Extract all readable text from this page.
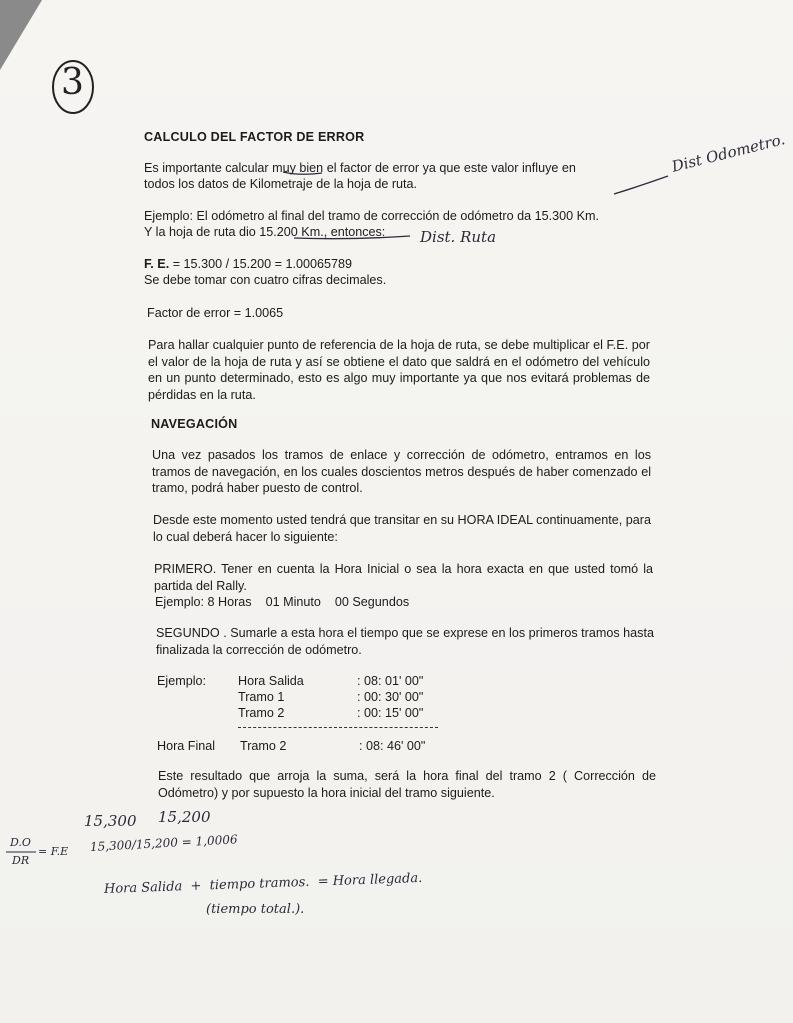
3
CALCULO DEL FACTOR DE ERROR
Es importante calcular muy bien el factor de error ya que este valor influye en
todos los datos de Kilometraje de la hoja de ruta.
Ejemplo: El odómetro al final del tramo de corrección de odómetro da 15.300 Km.
Y la hoja de ruta dio 15.200 Km., entonces:
F. E. = 15.300 / 15.200 = 1.00065789
Se debe tomar con cuatro cifras decimales.
Factor de error = 1.0065
Para hallar cualquier punto de referencia de la hoja de ruta, se debe multiplicar el F.E. por el valor de la hoja de ruta y así se obtiene el dato que saldrá en el odómetro del vehículo en un punto determinado, esto es algo muy importante ya que nos evitará problemas de pérdidas en la ruta.
NAVEGACIÓN
Una vez pasados los tramos de enlace y corrección de odómetro, entramos en los tramos de navegación, en los cuales doscientos metros después de haber comenzado el tramo, podrá haber puesto de control.
Desde este momento usted tendrá que transitar en su HORA IDEAL continuamente, para lo cual deberá hacer lo siguiente:
PRIMERO. Tener en cuenta la Hora Inicial o sea la hora exacta en que usted tomó la partida del Rally.
Ejemplo: 8 Horas    01 Minuto    00 Segundos
SEGUNDO . Sumarle a esta hora el tiempo que se exprese en los primeros tramos hasta finalizada la corrección de odómetro.
Ejemplo:	Hora Salida	: 08: 01' 00"
Tramo 1	: 00: 30' 00"
Tramo 2	: 00: 15' 00"
Hora Final Tramo 2	: 08: 46' 00"
Este resultado que arroja la suma, será la hora final del tramo 2 ( Corrección de Odómetro) y por supuesto la hora inicial del tramo siguiente.
Dist Odometro.
Dist. Ruta
15,300 15,200
D.O
DR
= F.E 15,300/15,200 = 1,0006
Hora Salida  +  tiempo tramos.  = Hora llegada.
(tiempo total.).
